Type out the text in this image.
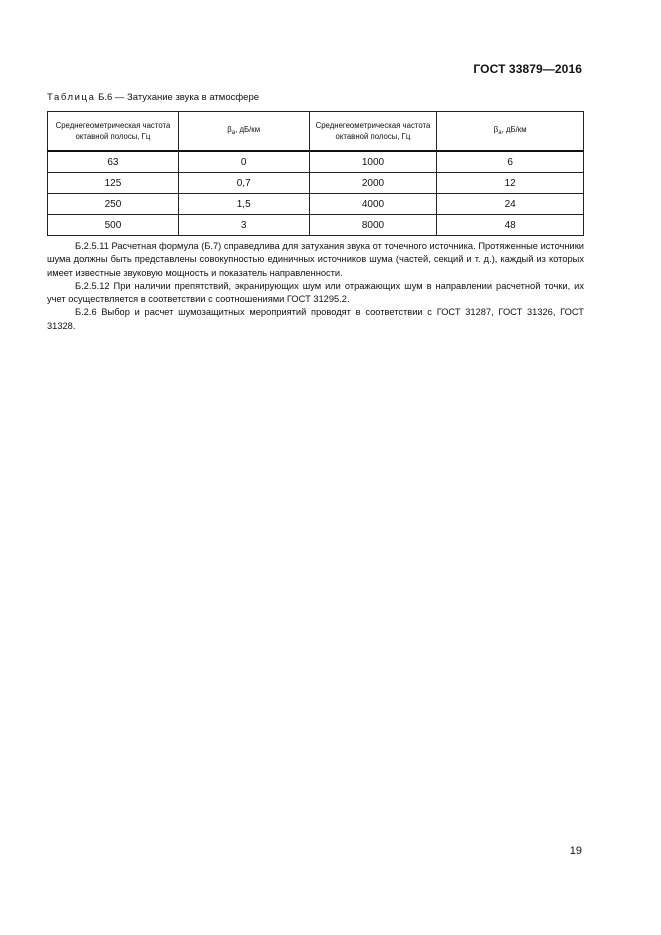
ГОСТ 33879—2016
Таблица Б.6 — Затухание звука в атмосфере
Среднегеометрическая частота октавной полосы, Гц	$\beta_a$, дБ/км	Среднегеометрическая частота октавной полосы, Гц	$\beta_a$, дБ/км
63	0	1000	6
125	0,7	2000	12
250	1,5	4000	24
500	3	8000	48

Б.2.5.11 Расчетная формула (Б.7) справедлива для затухания звука от точечного источника. Протяженные источники шума должны быть представлены совокупностью единичных источников шума (частей, секций и т. д.), каждый из которых имеет известные звуковую мощность и показатель направленности.

Б.2.5.12 При наличии препятствий, экранирующих шум или отражающих шум в направлении расчетной точки, их учет осуществляется в соответствии с соотношениями ГОСТ 31295.2.

Б.2.6 Выбор и расчет шумозащитных мероприятий проводят в соответствии с ГОСТ 31287, ГОСТ 31326, ГОСТ 31328.

19
